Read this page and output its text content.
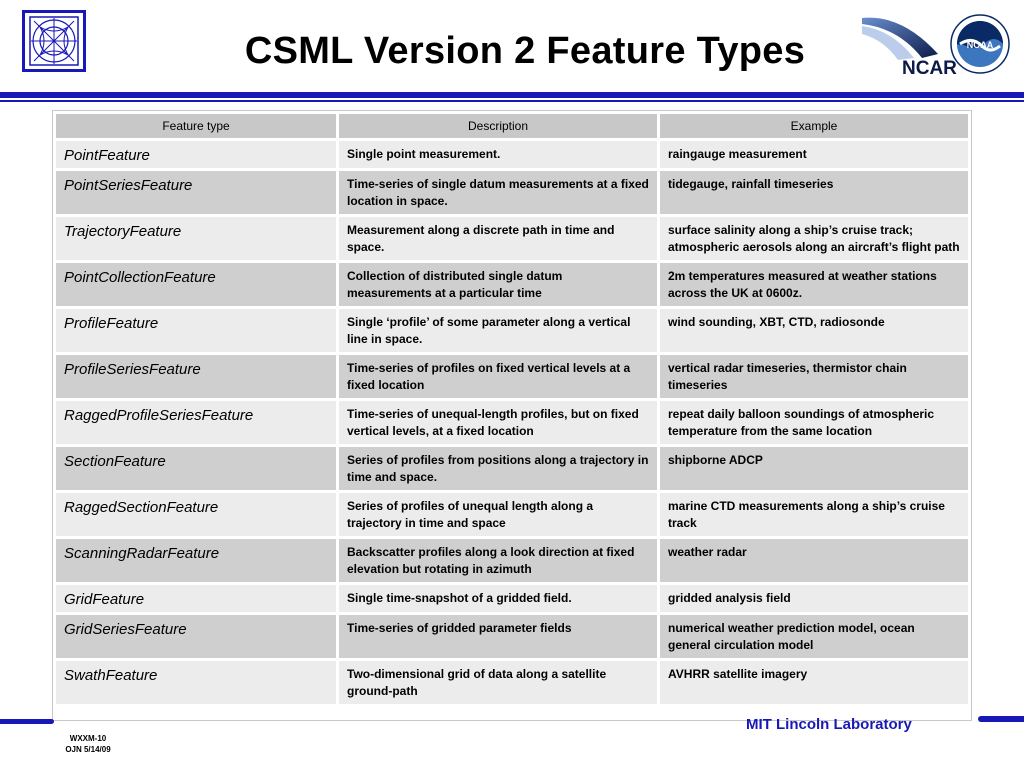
CSML Version 2 Feature Types	NCAR
NOAA
Feature type	Description	Example
PointFeature	Single point measurement.	raingauge measurement
PointSeriesFeature	Time-series of single datum measurements at a fixed location in space.	tidegauge, rainfall timeseries
TrajectoryFeature	Measurement along a discrete path in time and space.	surface salinity along a ship’s cruise track; atmospheric aerosols along an aircraft’s flight path
PointCollectionFeature	Collection of distributed single datum measurements at a particular time	2m temperatures measured at weather stations across the UK at 0600z.
ProfileFeature	Single ‘profile’ of some parameter along a vertical line in space.	wind sounding, XBT, CTD, radiosonde
ProfileSeriesFeature	Time-series of profiles on fixed vertical levels at a fixed location	vertical radar timeseries, thermistor chain timeseries
RaggedProfileSeriesFeature	Time-series of unequal-length profiles, but on fixed vertical levels, at a fixed location	repeat daily balloon soundings of atmospheric temperature from the same location
SectionFeature	Series of profiles from positions along a trajectory in time and space.	shipborne ADCP
RaggedSectionFeature	Series of profiles of unequal length along a trajectory in time and space	marine CTD measurements along a ship’s cruise track
ScanningRadarFeature	Backscatter profiles along a look direction at fixed elevation but rotating in azimuth	weather radar
GridFeature	Single time-snapshot of a gridded field.	gridded analysis field
GridSeriesFeature	Time-series of gridded parameter fields	numerical weather prediction model, ocean general circulation model
SwathFeature	Two-dimensional grid of data along a satellite ground-path	AVHRR satellite imagery
MIT Lincoln Laboratory
WXXM-10
OJN 5/14/09
